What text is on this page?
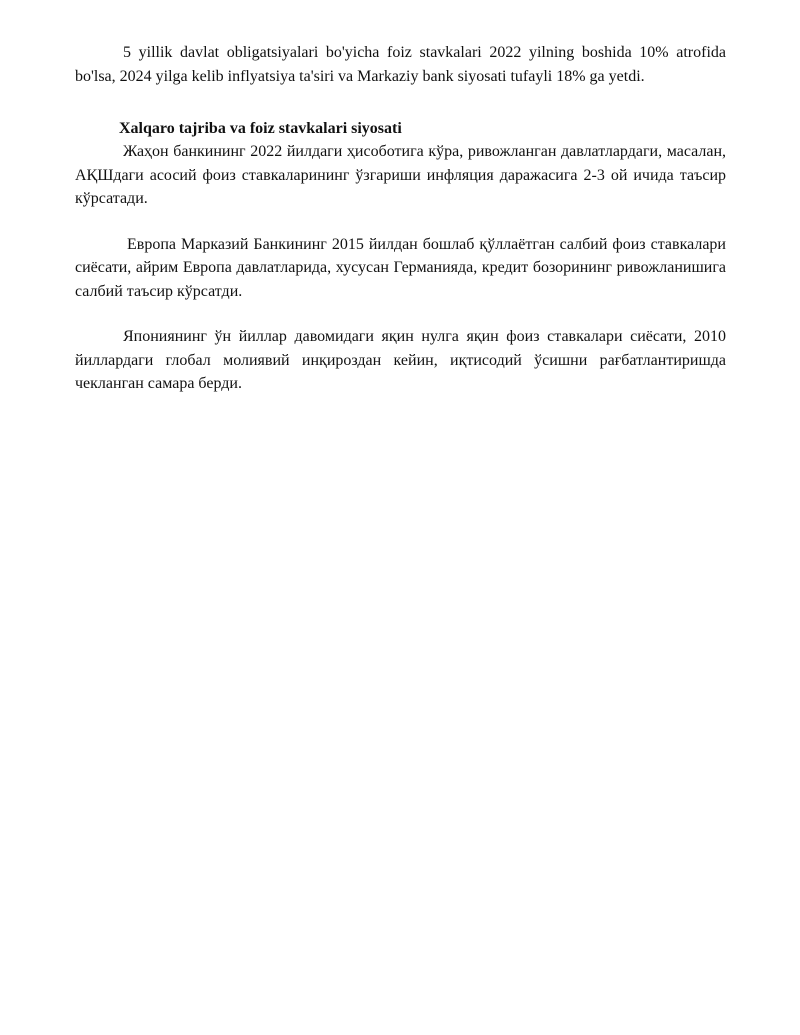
5 yillik davlat obligatsiyalari bo'yicha foiz stavkalari 2022 yilning boshida 10% atrofida bo'lsa, 2024 yilga kelib inflyatsiya ta'siri va Markaziy bank siyosati tufayli 18% ga yetdi.

Xalqaro tajriba va foiz stavkalari siyosati

Жаҳон банкининг 2022 йилдаги ҳисоботига кўра, ривожланган давлатлардаги, масалан, АҚШдаги асосий фоиз ставкаларининг ўзгариши инфляция даражасига 2-3 ой ичида таъсир кўрсатади.

Европа Марказий Банкининг 2015 йилдан бошлаб қўллаётган салбий фоиз ставкалари сиёсати, айрим Европа давлатларида, хусусан Германияда, кредит бозорининг ривожланишига салбий таъсир кўрсатди.

Япониянинг ўн йиллар давомидаги яқин нулга яқин фоиз ставкалари сиёсати, 2010 йиллардаги глобал молиявий инқироздан кейин, иқтисодий ўсишни рағбатлантиришда чекланган самара берди.
